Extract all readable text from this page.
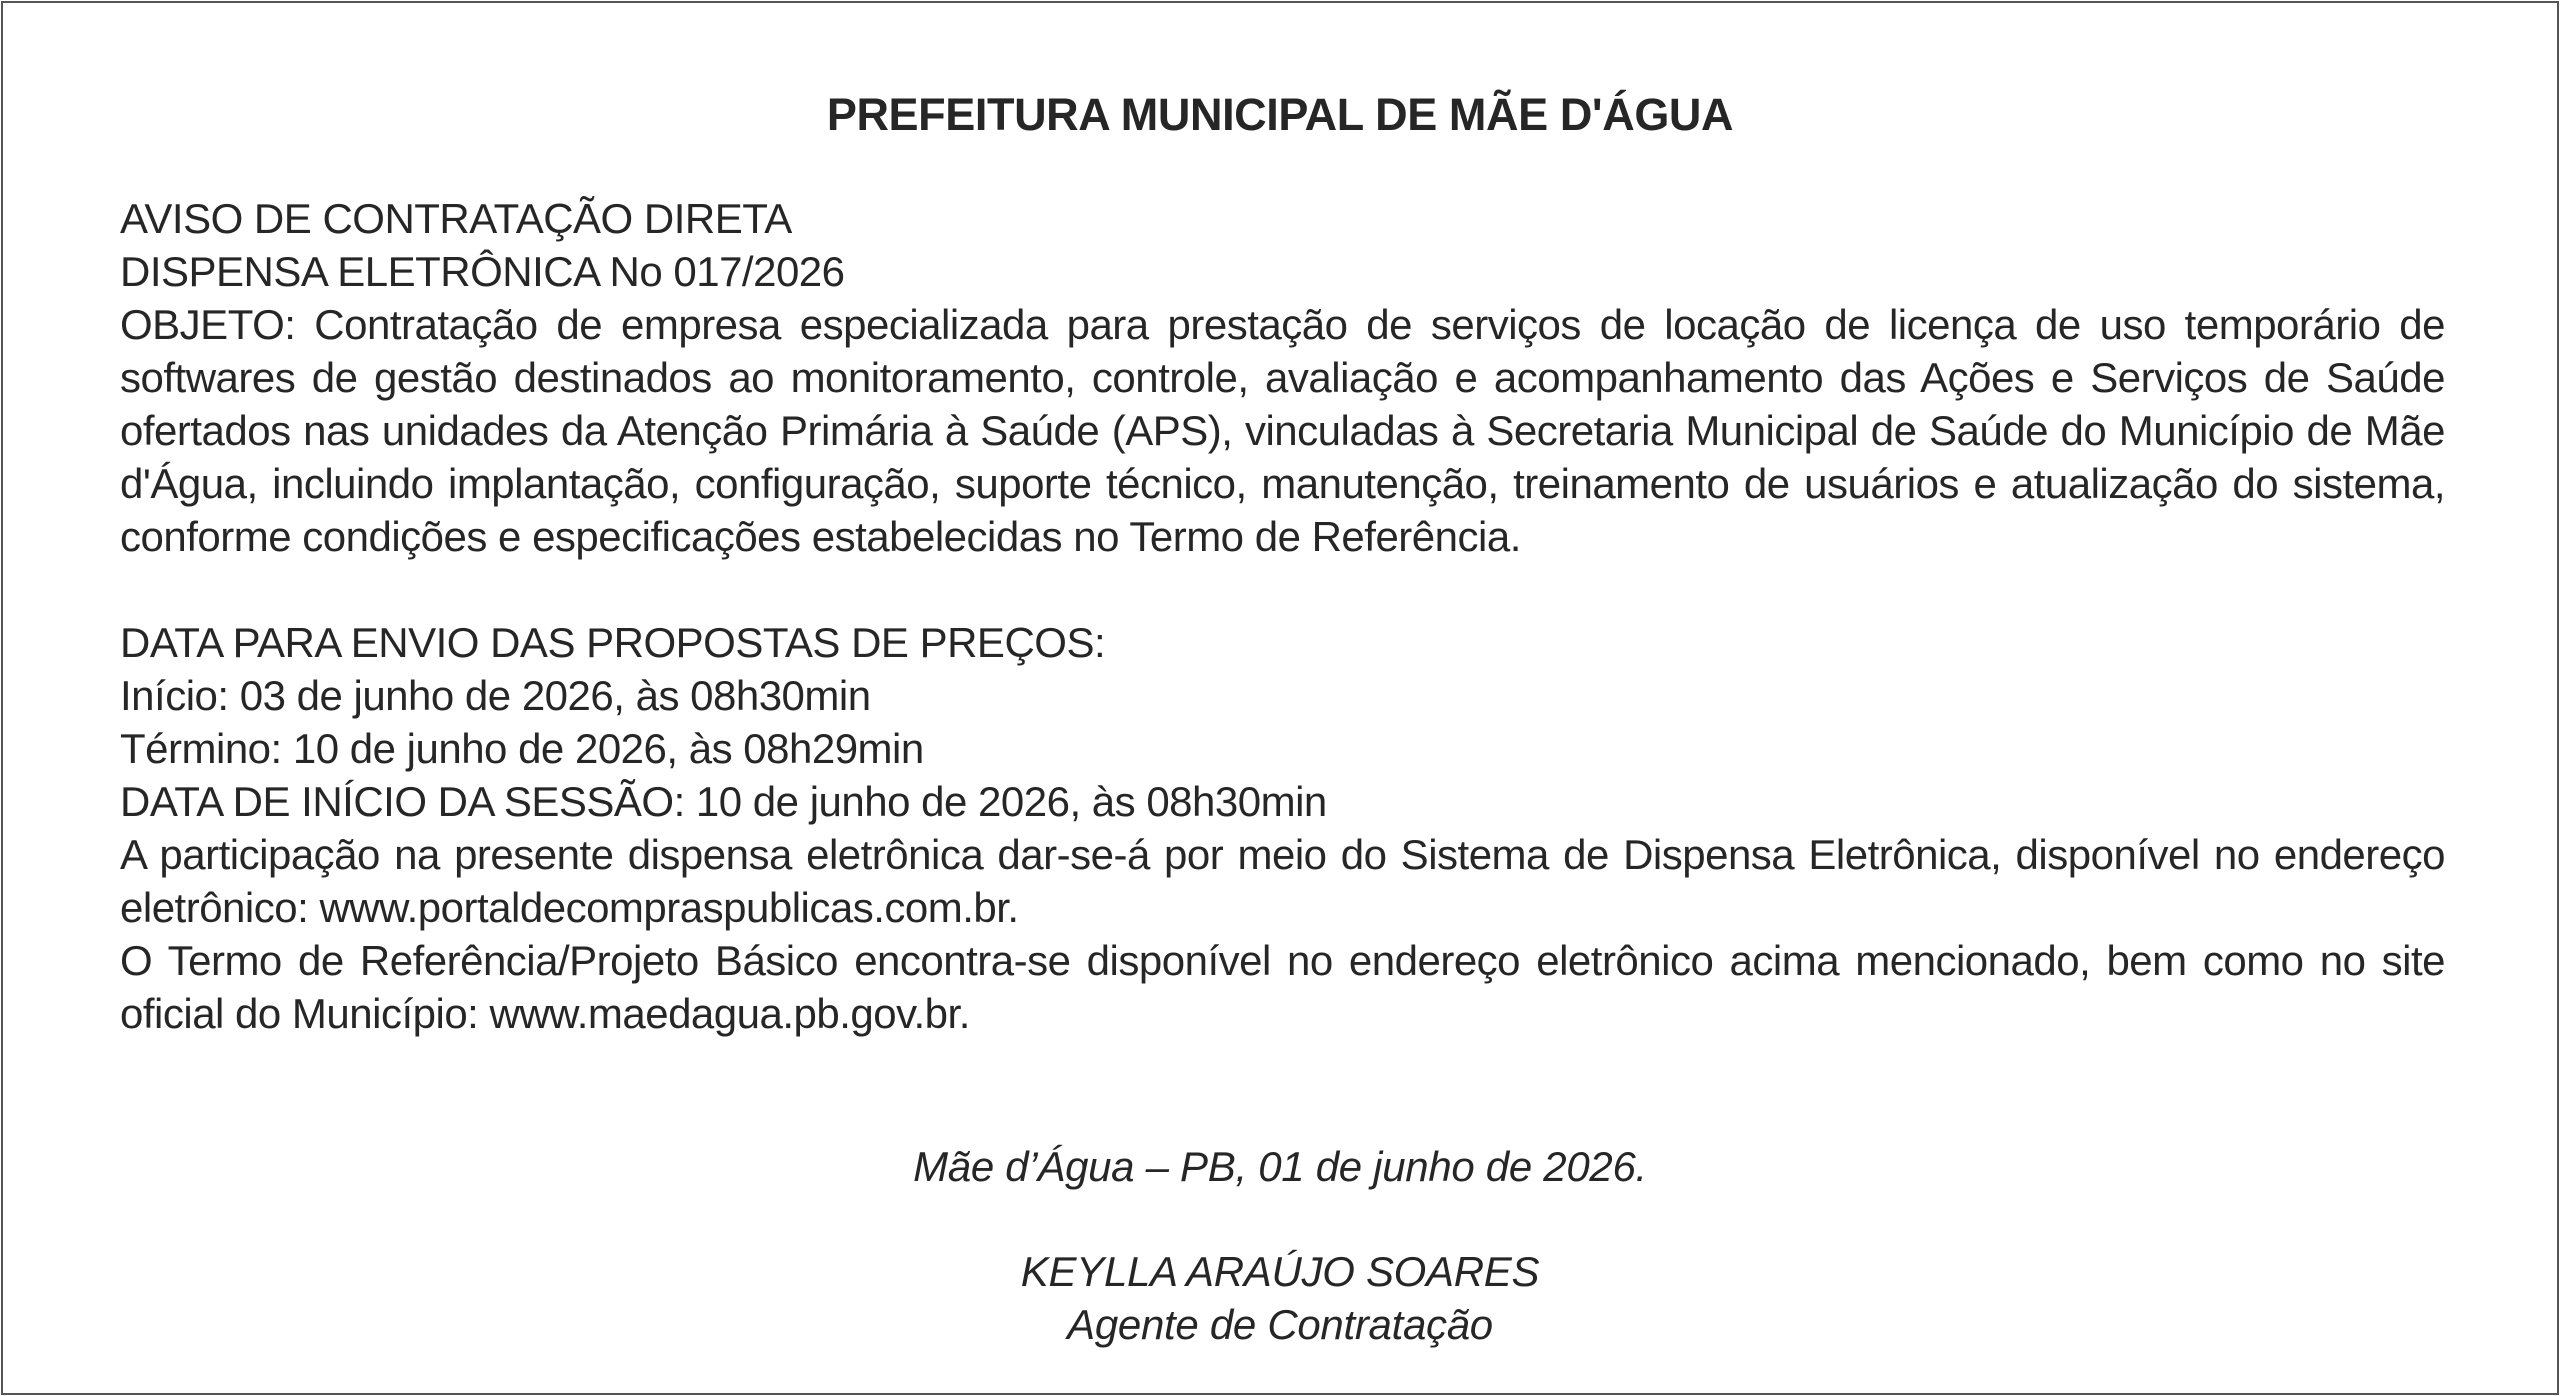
PREFEITURA MUNICIPAL DE MÃE D'ÁGUA
AVISO DE CONTRATAÇÃO DIRETA
DISPENSA ELETRÔNICA No 017/2026
OBJETO: Contratação de empresa especializada para prestação de serviços de locação de licença de uso temporário de softwares de gestão destinados ao monitoramento, controle, avaliação e acompanhamento das Ações e Serviços de Saúde ofertados nas unidades da Atenção Primária à Saúde (APS), vinculadas à Secretaria Municipal de Saúde do Município de Mãe d'Água, incluindo implantação, configuração, suporte técnico, manutenção, treinamento de usuários e atualização do sistema, conforme condições e especificações estabelecidas no Termo de Referência.
DATA PARA ENVIO DAS PROPOSTAS DE PREÇOS:
Início: 03 de junho de 2026, às 08h30min
Término: 10 de junho de 2026, às 08h29min
DATA DE INÍCIO DA SESSÃO: 10 de junho de 2026, às 08h30min
A participação na presente dispensa eletrônica dar-se-á por meio do Sistema de Dispensa Eletrônica, disponível no endereço eletrônico: www.portaldecompraspublicas.com.br.
O Termo de Referência/Projeto Básico encontra-se disponível no endereço eletrônico acima mencionado, bem como no site oficial do Município: www.maedagua.pb.gov.br.
Mãe d’Água – PB, 01 de junho de 2026.
KEYLLA ARAÚJO SOARES
Agente de Contratação
